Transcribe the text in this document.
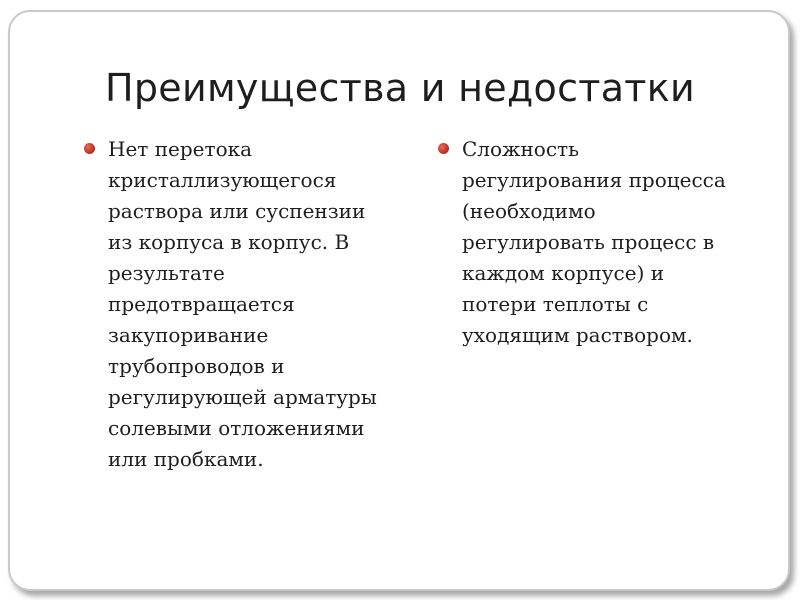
Преимущества и недостатки
Нет перетока
кристаллизующегося
раствора или суспензии
из корпуса в корпус. В
результате
предотвращается
закупоривание
трубопроводов и
регулирующей арматуры
солевыми отложениями
или пробками.
Сложность
регулирования процесса
(необходимо
регулировать процесс в
каждом корпусе) и
потери теплоты с
уходящим раствором.
